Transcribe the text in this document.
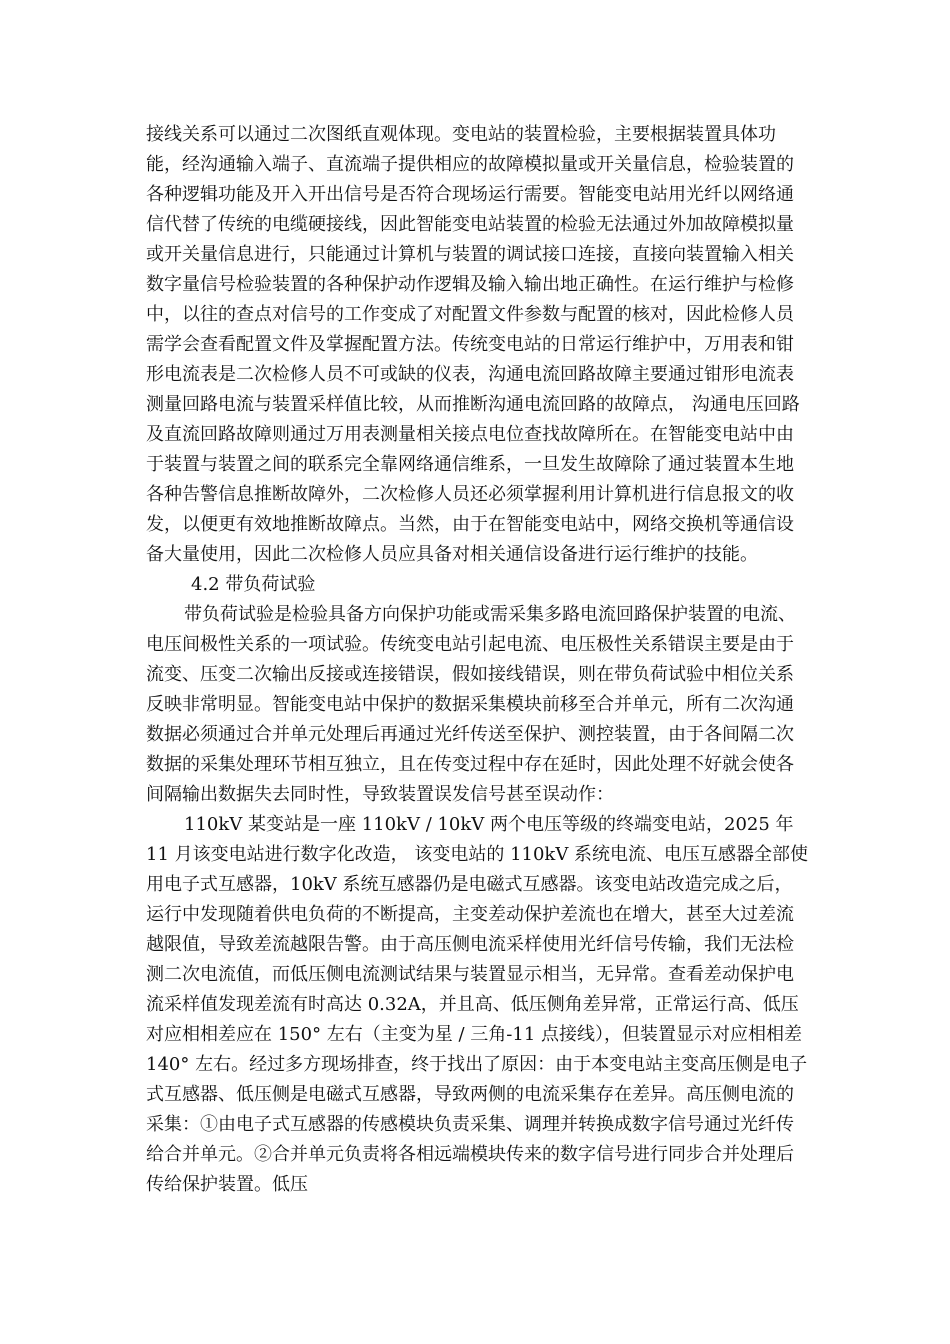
接线关系可以通过二次图纸直观体现。变电站的装置检验，主要根据装置具体功能，经沟通输入端子、直流端子提供相应的故障模拟量或开关量信息，检验装置的各种逻辑功能及开入开出信号是否符合现场运行需要。智能变电站用光纤以网络通信代替了传统的电缆硬接线，因此智能变电站装置的检验无法通过外加故障模拟量或开关量信息进行，只能通过计算机与装置的调试接口连接，直接向装置输入相关数字量信号检验装置的各种保护动作逻辑及输入输出地正确性。在运行维护与检修中，以往的查点对信号的工作变成了对配置文件参数与配置的核对，因此检修人员需学会查看配置文件及掌握配置方法。传统变电站的日常运行维护中，万用表和钳形电流表是二次检修人员不可或缺的仪表，沟通电流回路故障主要通过钳形电流表测量回路电流与装置采样值比较，从而推断沟通电流回路的故障点， 沟通电压回路及直流回路故障则通过万用表测量相关接点电位查找故障所在。在智能变电站中由于装置与装置之间的联系完全靠网络通信维系，一旦发生故障除了通过装置本生地各种告警信息推断故障外，二次检修人员还必须掌握利用计算机进行信息报文的收发，以便更有效地推断故障点。当然，由于在智能变电站中，网络交换机等通信设备大量使用，因此二次检修人员应具备对相关通信设备进行运行维护的技能。

4.2 带负荷试验

带负荷试验是检验具备方向保护功能或需采集多路电流回路保护装置的电流、电压间极性关系的一项试验。传统变电站引起电流、电压极性关系错误主要是由于流变、压变二次输出反接或连接错误，假如接线错误，则在带负荷试验中相位关系反映非常明显。智能变电站中保护的数据采集模块前移至合并单元，所有二次沟通数据必须通过合并单元处理后再通过光纤传送至保护、测控装置，由于各间隔二次数据的采集处理环节相互独立，且在传变过程中存在延时，因此处理不好就会使各间隔输出数据失去同时性，导致装置误发信号甚至误动作：

110kV 某变站是一座 110kV / 10kV 两个电压等级的终端变电站，2025 年 11 月该变电站进行数字化改造， 该变电站的 110kV 系统电流、电压互感器全部使用电子式互感器，10kV 系统互感器仍是电磁式互感器。该变电站改造完成之后，运行中发现随着供电负荷的不断提高，主变差动保护差流也在增大，甚至大过差流越限值，导致差流越限告警。由于高压侧电流采样使用光纤信号传输，我们无法检测二次电流值，而低压侧电流测试结果与装置显示相当，无异常。查看差动保护电流采样值发现差流有时高达 0.32A，并且高、低压侧角差异常，正常运行高、低压对应相相差应在 150° 左右（主变为星 / 三角-11 点接线），但装置显示对应相相差 140° 左右。经过多方现场排查，终于找出了原因：由于本变电站主变高压侧是电子式互感器、低压侧是电磁式互感器，导致两侧的电流采集存在差异。高压侧电流的采集：①由电子式互感器的传感模块负责采集、调理并转换成数字信号通过光纤传给合并单元。②合并单元负责将各相远端模块传来的数字信号进行同步合并处理后传给保护装置。低压
